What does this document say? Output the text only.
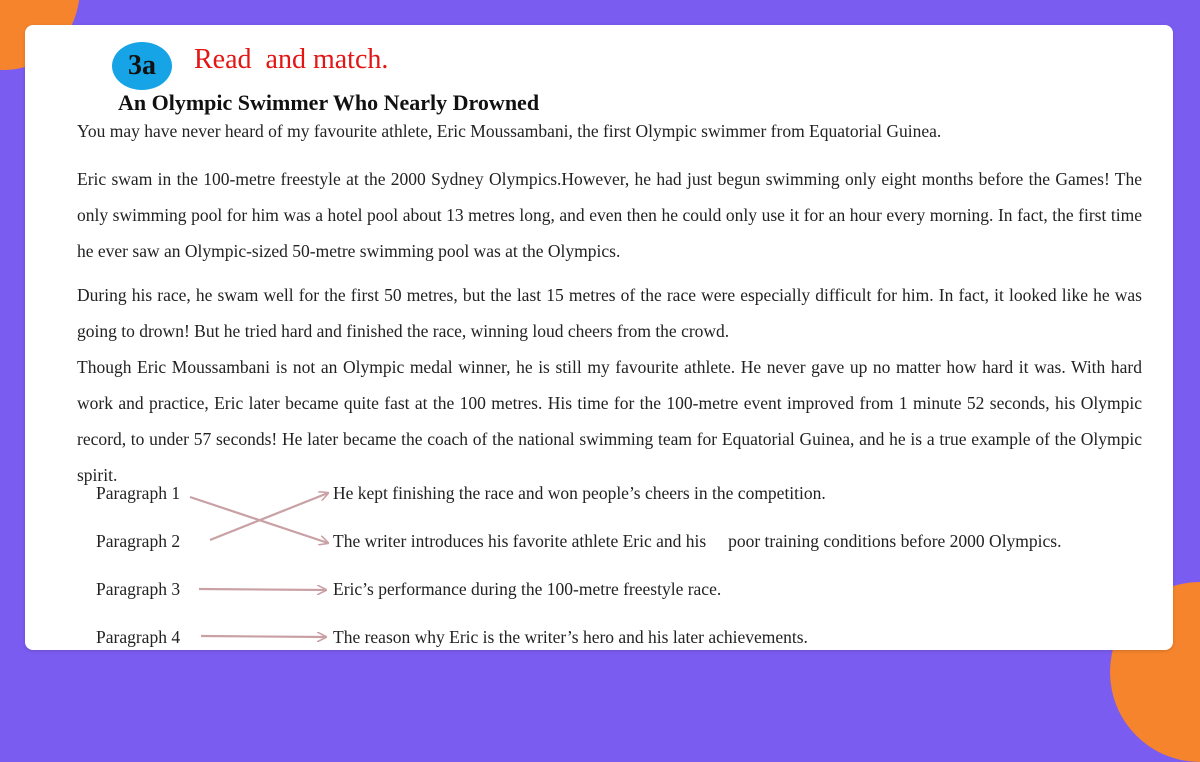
3a	Read  and match.
An Olympic Swimmer Who Nearly Drowned

You may have never heard of my favourite athlete, Eric Moussambani, the first Olympic swimmer from Equatorial Guinea.

Eric swam in the 100-metre freestyle at the 2000 Sydney Olympics.However, he had just begun swimming only eight months before the Games! The only swimming pool for him was a hotel pool about 13 metres long, and even then he could only use it for an hour every morning. In fact, the first time he ever saw an Olympic-sized 50-metre swimming pool was at the Olympics.

During his race, he swam well for the first 50 metres, but the last 15 metres of the race were especially difficult for him. In fact, it looked like he was going to drown! But he tried hard and finished the race, winning loud cheers from the crowd.

Though Eric Moussambani is not an Olympic medal winner, he is still my favourite athlete. He never gave up no matter how hard it was. With hard work and practice, Eric later became quite fast at the 100 metres. His time for the 100-metre event improved from 1 minute 52 seconds, his Olympic record, to under 57 seconds! He later became the coach of the national swimming team for Equatorial Guinea, and he is a true example of the Olympic spirit.

Paragraph 1
Paragraph 2
Paragraph 3
Paragraph 4
He kept finishing the race and won people’s cheers in the competition.
The writer introduces his favorite athlete Eric and his     poor training conditions before 2000 Olympics.
Eric’s performance during the 100-metre freestyle race.
The reason why Eric is the writer’s hero and his later achievements.
